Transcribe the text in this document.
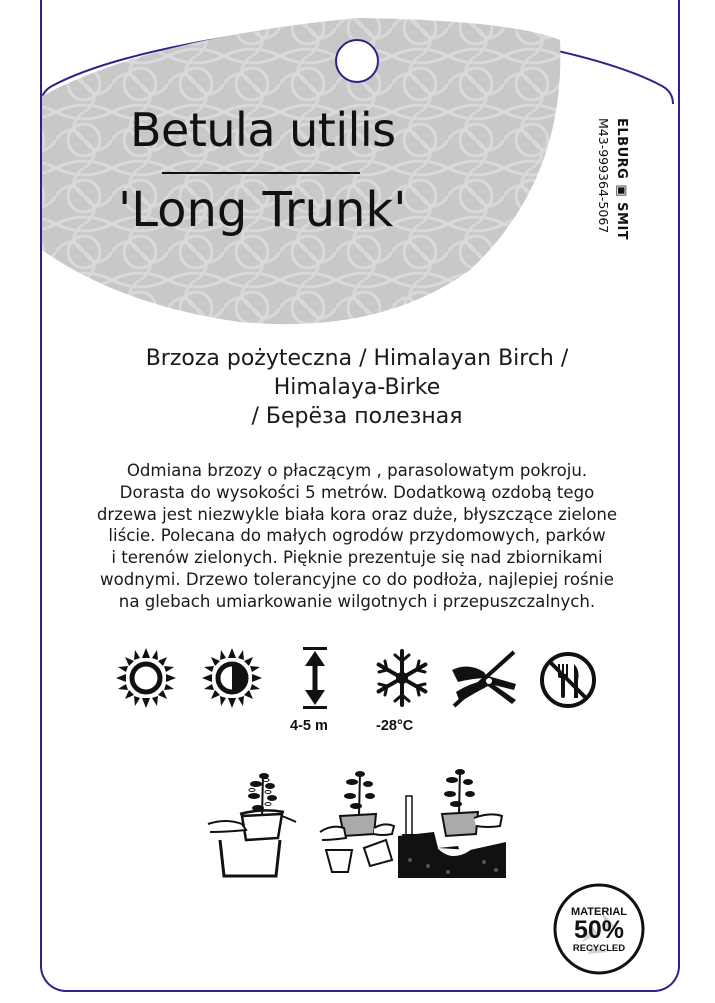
Betula utilis
'Long Trunk'	ELBURG ▣ SMIT
M43-999364-5067
Brzoza pożyteczna / Himalayan Birch /
Himalaya-Birke
/ Берёза полезная
Odmiana brzozy o płaczącym , parasolowatym pokroju.
Dorasta do wysokości 5 metrów. Dodatkową ozdobą tego
drzewa jest niezwykle biała kora oraz duże, błyszczące zielone
liście. Polecana do małych ogrodów przydomowych, parków
i terenów zielonych. Pięknie prezentuje się nad zbiornikami
wodnymi. Drzewo tolerancyjne co do podłoża, najlepiej rośnie
na glebach umiarkowanie wilgotnych i przepuszczalnych.
4-5 m	-28°C
MATERIAL
50%
RECYCLED
